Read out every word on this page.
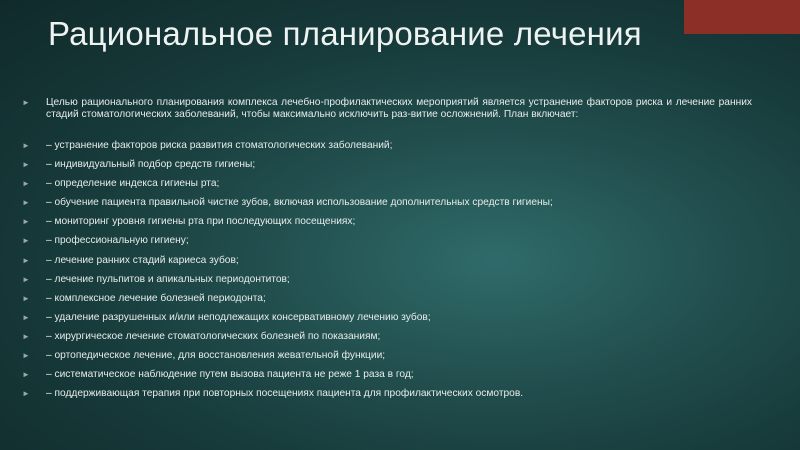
Рациональное планирование лечения
► Целью рационального планирования комплекса лечебно-профилактических мероприятий является устранение факторов риска и лечение ранних стадий стоматологических заболеваний, чтобы максимально исключить раз-витие осложнений. План включает:
► – устранение факторов риска развития стоматологических заболеваний;
► – индивидуальный подбор средств гигиены;
► – определение индекса гигиены рта;
► – обучение пациента правильной чистке зубов, включая использование дополнительных средств гигиены;
► – мониторинг уровня гигиены рта при последующих посещениях;
► – профессиональную гигиену;
► – лечение ранних стадий кариеса зубов;
► – лечение пульпитов и апикальных периодонтитов;
► – комплексное лечение болезней периодонта;
► – удаление разрушенных и/или неподлежащих консервативному лечению зубов;
► – хирургическое лечение стоматологических болезней по показаниям;
► – ортопедическое лечение, для восстановления жевательной функции;
► – систематическое наблюдение путем вызова пациента не реже 1 раза в год;
► – поддерживающая терапия при повторных посещениях пациента для профилактических осмотров.
